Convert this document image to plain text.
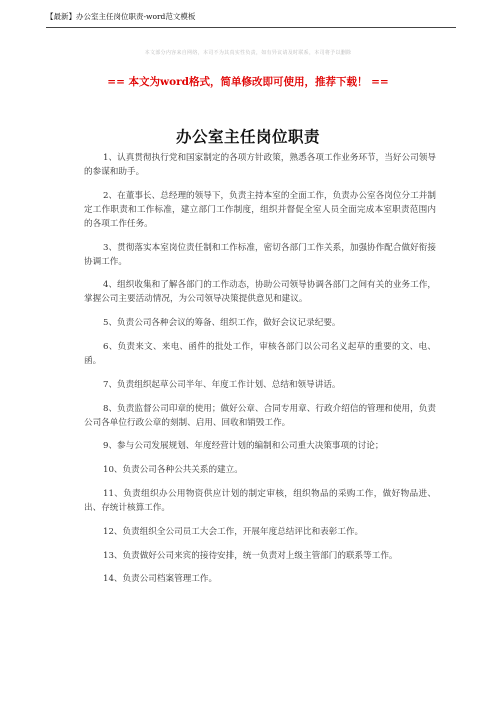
【最新】办公室主任岗位职责-word范文模板
本文部分内容来自网络，本司不为其真实性负责，如有异议请及时联系，本司将予以删除
== 本文为word格式，简单修改即可使用，推荐下载！ ==
办公室主任岗位职责

1、认真贯彻执行党和国家制定的各项方针政策，熟悉各项工作业务环节，当好公司领导的参谋和助手。

2、在董事长、总经理的领导下，负责主持本室的全面工作，负责办公室各岗位分工并制定工作职责和工作标准，建立部门工作制度，组织并督促全室人员全面完成本室职责范围内的各项工作任务。

3、贯彻落实本室岗位责任制和工作标准，密切各部门工作关系，加强协作配合做好衔接协调工作。

4、组织收集和了解各部门的工作动态，协助公司领导协调各部门之间有关的业务工作，掌握公司主要活动情况，为公司领导决策提供意见和建议。

5、负责公司各种会议的筹备、组织工作，做好会议记录纪要。

6、负责来文、来电、函件的批处工作，审核各部门以公司名义起草的重要的文、电、函。

7、负责组织起草公司半年、年度工作计划、总结和领导讲话。

8、负责监督公司印章的使用；做好公章、合同专用章、行政介绍信的管理和使用，负责公司各单位行政公章的刻制、启用、回收和销毁工作。

9、参与公司发展规划、年度经营计划的编制和公司重大决策事项的讨论；

10、负责公司各种公共关系的建立。

11、负责组织办公用物资供应计划的制定审核，组织物品的采购工作，做好物品进、出、存统计核算工作。

12、负责组织全公司员工大会工作，开展年度总结评比和表彰工作。

13、负责做好公司来宾的接待安排，统一负责对上级主管部门的联系等工作。

14、负责公司档案管理工作。
